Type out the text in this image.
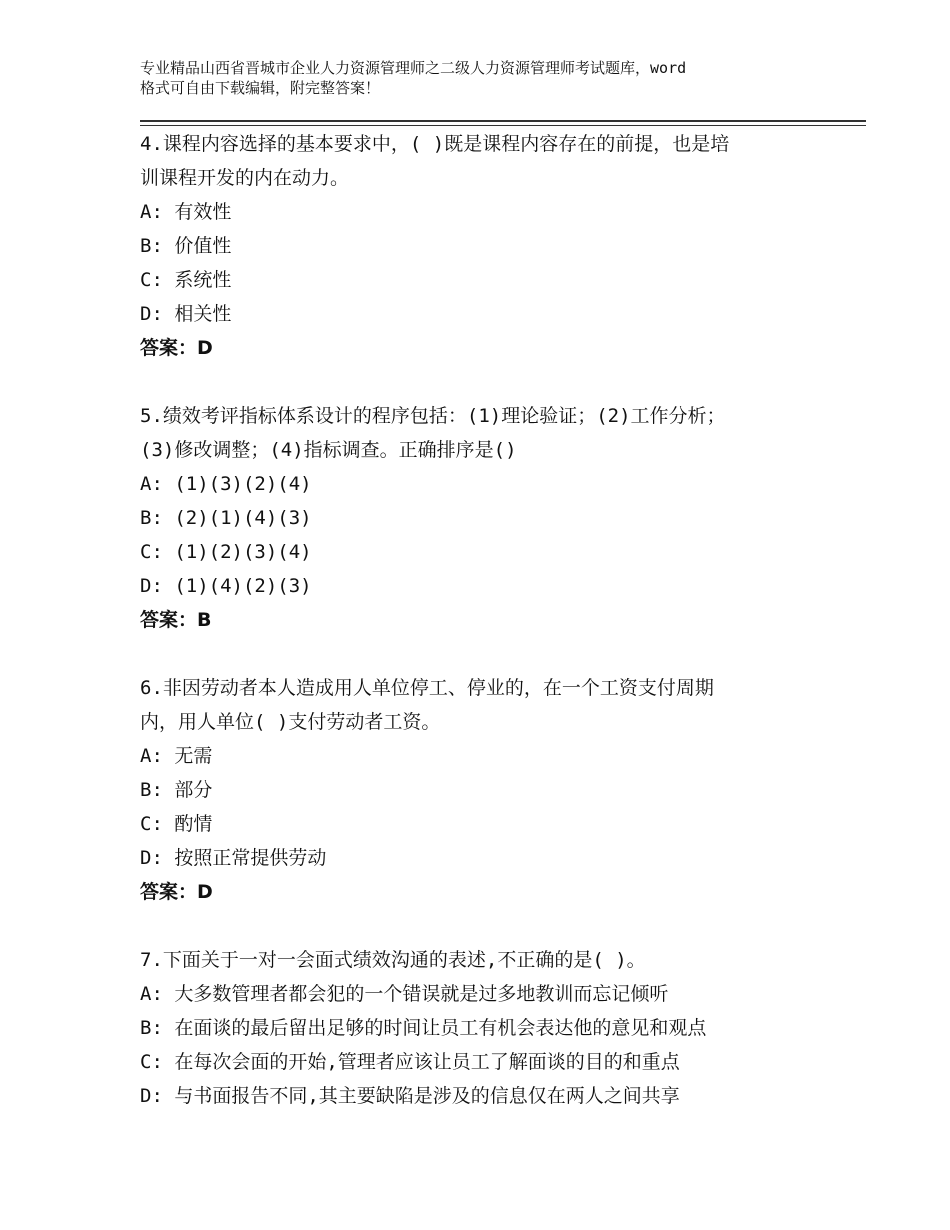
专业精品山西省晋城市企业人力资源管理师之二级人力资源管理师考试题库，word
格式可自由下载编辑，附完整答案！
4.课程内容选择的基本要求中，( )既是课程内容存在的前提，也是培
训课程开发的内在动力。
A: 有效性
B: 价值性
C: 系统性
D: 相关性
答案：D
5.绩效考评指标体系设计的程序包括：(1)理论验证；(2)工作分析；
(3)修改调整；(4)指标调查。正确排序是()
A: (1)(3)(2)(4)
B: (2)(1)(4)(3)
C: (1)(2)(3)(4)
D: (1)(4)(2)(3)
答案：B
6.非因劳动者本人造成用人单位停工、停业的，在一个工资支付周期
内，用人单位( )支付劳动者工资。
A: 无需
B: 部分
C: 酌情
D: 按照正常提供劳动
答案：D
7.下面关于一对一会面式绩效沟通的表述,不正确的是( )。
A: 大多数管理者都会犯的一个错误就是过多地教训而忘记倾听
B: 在面谈的最后留出足够的时间让员工有机会表达他的意见和观点
C: 在每次会面的开始,管理者应该让员工了解面谈的目的和重点
D: 与书面报告不同,其主要缺陷是涉及的信息仅在两人之间共享
